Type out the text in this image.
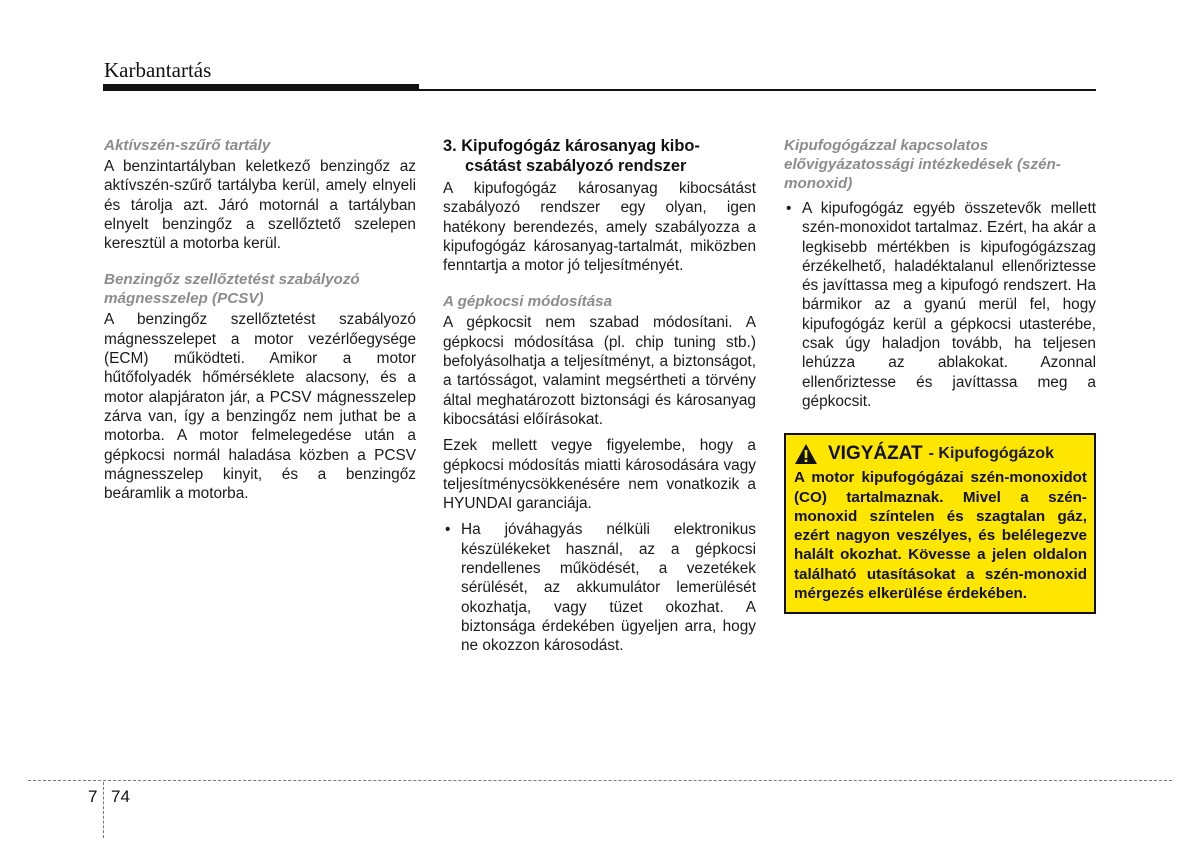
Karbantartás
Aktívszén-szűrő tartály

A benzintartályban keletkező benzingőz az aktívszén-szűrő tartályba kerül, amely elnyeli és tárolja azt. Járó motornál a tartályban elnyelt benzingőz a szellőztető szelepen keresztül a motorba kerül.

Benzingőz szellőztetést szabályozó mágnesszelep (PCSV)

A benzingőz szellőztetést szabályozó mágnesszelepet a motor vezérlőegysége (ECM) működteti. Amikor a motor hűtőfolyadék hőmérséklete alacsony, és a motor alapjáraton jár, a PCSV mágnesszelep zárva van, így a benzingőz nem juthat be a motorba. A motor felmelegedése után a gépkocsi normál haladása közben a PCSV mágnesszelep kinyit, és a benzingőz beáramlik a motorba.

3. Kipufogógáz károsanyag kibo-
csátást szabályozó rendszer

A kipufogógáz károsanyag kibocsátást szabályozó rendszer egy olyan, igen hatékony berendezés, amely szabályozza a kipufogógáz károsanyag-tartalmát, miközben fenntartja a motor jó teljesítményét.

A gépkocsi módosítása

A gépkocsit nem szabad módosítani. A gépkocsi módosítása (pl. chip tuning stb.) befolyásolhatja a teljesítményt, a biztonságot, a tartósságot, valamint megsértheti a törvény által meghatározott biztonsági és károsanyag kibocsátási előírásokat.

Ezek mellett vegye figyelembe, hogy a gépkocsi módosítás miatti károsodására vagy teljesítménycsökkenésére nem vonatkozik a HYUNDAI garanciája.

• Ha jóváhagyás nélküli elektronikus készülékeket használ, az a gépkocsi rendellenes működését, a vezetékek sérülését, az akkumulátor lemerülését okozhatja, vagy tüzet okozhat. A biztonsága érdekében ügyeljen arra, hogy ne okozzon károsodást.
Kipufogógázzal kapcsolatos elővigyázatossági intézkedések (szén-monoxid)
• A kipufogógáz egyéb összetevők mellett szén-monoxidot tartalmaz. Ezért, ha akár a legkisebb mértékben is kipufogógázszag érzékelhető, haladéktalanul ellenőriztesse és javíttassa meg a kipufogó rendszert. Ha bármikor az a gyanú merül fel, hogy kipufogógáz kerül a gépkocsi utasterébe, csak úgy haladjon tovább, ha teljesen lehúzza az ablakokat. Azonnal ellenőriztesse és javíttassa meg a gépkocsit.
VIGYÁZAT - Kipufogógázok
A motor kipufogógázai szén-monoxidot (CO) tartalmaznak. Mivel a szén-monoxid színtelen és szagtalan gáz, ezért nagyon veszélyes, és belélegezve halált okozhat. Kövesse a jelen oldalon található utasításokat a szén-monoxid mérgezés elkerülése érdekében.
7 74
